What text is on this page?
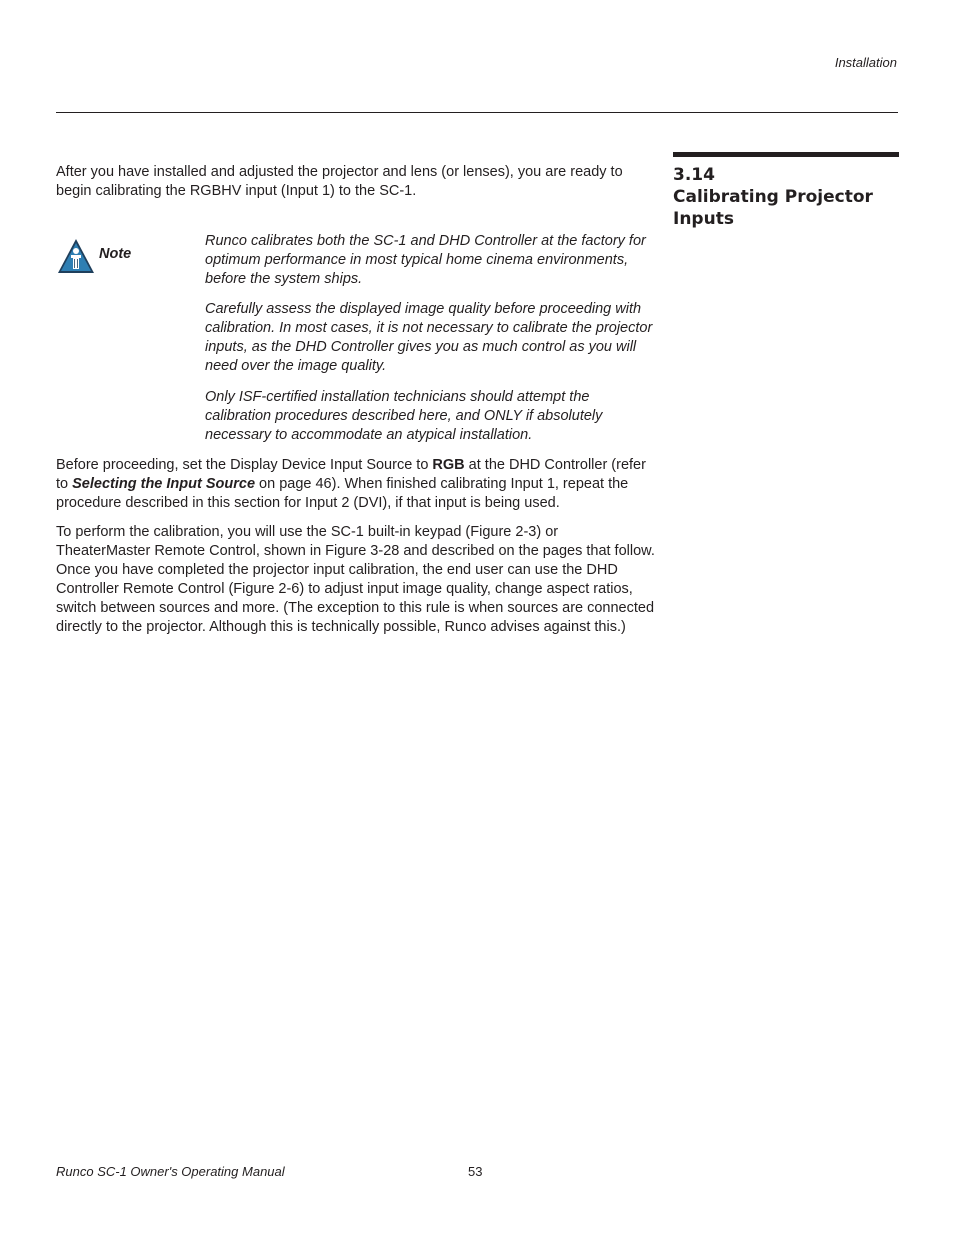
Installation
3.14
Calibrating Projector Inputs

After you have installed and adjusted the projector and lens (or lenses), you are ready to begin calibrating the RGBHV input (Input 1) to the SC-1.

Note

Runco calibrates both the SC-1 and DHD Controller at the factory for optimum performance in most typical home cinema environments, before the system ships.

Carefully assess the displayed image quality before proceeding with calibration. In most cases, it is not necessary to calibrate the projector inputs, as the DHD Controller gives you as much control as you will need over the image quality.

Only ISF-certified installation technicians should attempt the calibration procedures described here, and ONLY if absolutely necessary to accommodate an atypical installation.

Before proceeding, set the Display Device Input Source to RGB at the DHD Controller (refer to Selecting the Input Source on page 46). When finished calibrating Input 1, repeat the procedure described in this section for Input 2 (DVI), if that input is being used.

To perform the calibration, you will use the SC-1 built-in keypad (Figure 2-3) or TheaterMaster Remote Control, shown in Figure 3-28 and described on the pages that follow. Once you have completed the projector input calibration, the end user can use the DHD Controller Remote Control (Figure 2-6) to adjust input image quality, change aspect ratios, switch between sources and more. (The exception to this rule is when sources are connected directly to the projector. Although this is technically possible, Runco advises against this.)

Runco SC-1 Owner's Operating Manual	53
